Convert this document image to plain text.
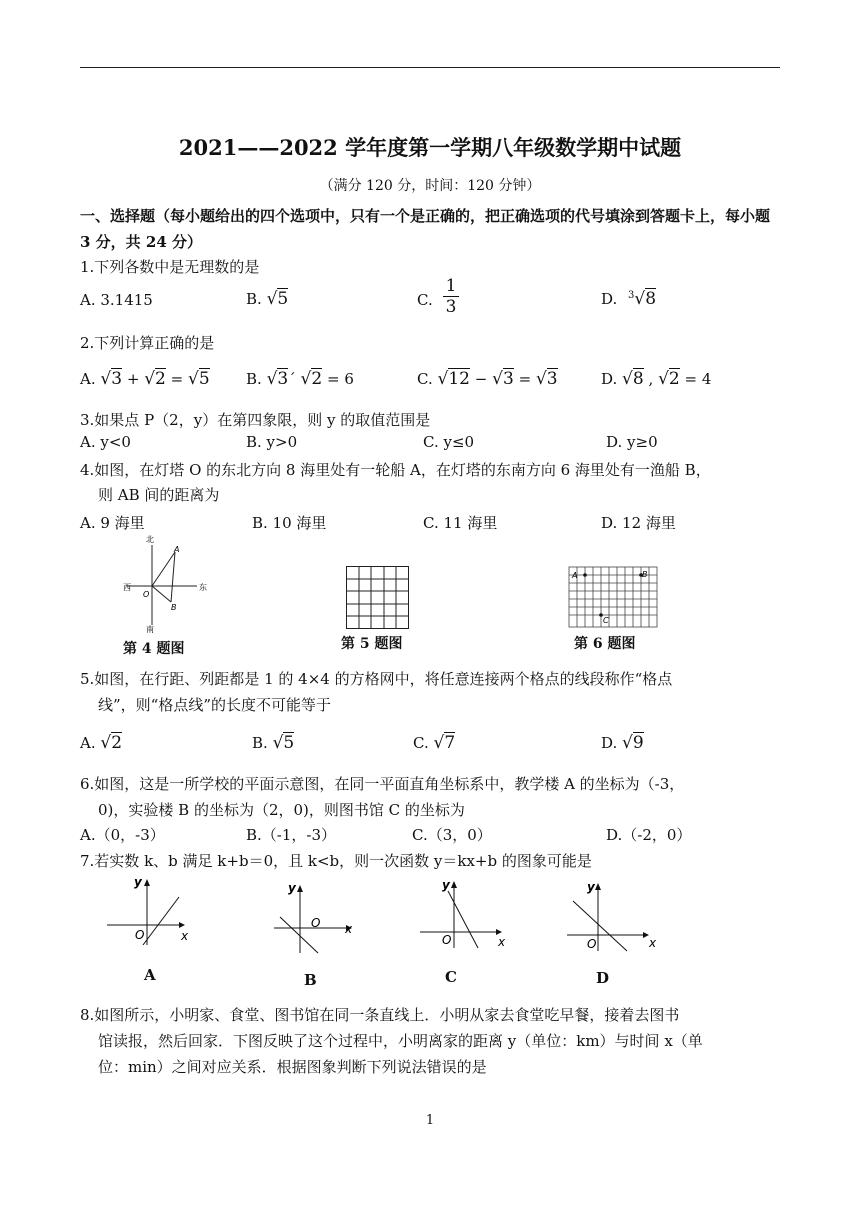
2021——2022 学年度第一学期八年级数学期中试题
（满分 120 分，时间：120 分钟）
一、选择题（每小题给出的四个选项中，只有一个是正确的，把正确选项的代号填涂到答题卡上，每小题 3 分，共 24 分）
1.下列各数中是无理数的是
A. 3.1415	B. √5	C.
1
3	D. $^3$√8
2.下列计算正确的是
A. √3 + √2 = √5 B. √3´ √2 = 6	C. √12 − √3 = √3	D. √8 , √2 = 4
3.如果点 P（2，y）在第四象限，则 y 的取值范围是
A. y<0	B. y>0	C. y≤0	D. y≥0
4.如图，在灯塔 O 的东北方向 8 海里处有一轮船 A，在灯塔的东南方向 6 海里处有一渔船 B，
则 AB 间的距离为
A. 9 海里	B. 10 海里	C. 11 海里	D. 12 海里
北
西	东
南
O
A
B
第 4 题图	第 5 题图
A	B
C
第 6 题图
5.如图，在行距、列距都是 1 的 4×4 的方格网中，将任意连接两个格点的线段称作“格点
线”，则“格点线”的长度不可能等于
A. √2	B. √5	C. √7	D. √9
6.如图，这是一所学校的平面示意图，在同一平面直角坐标系中，教学楼 A 的坐标为（-3，
0)，实验楼 B 的坐标为（2，0)，则图书馆 C 的坐标为
A.（0，-3）	B.（-1，-3）	C.（3，0）	D.（-2，0）
7.若实数 k、b 满足 k+b＝0，且 k<b，则一次函数 y＝kx+b 的图象可能是
y
x
O
A
y
x
O
B
y
x
O
C
y
x
O
D
8.如图所示，小明家、食堂、图书馆在同一条直线上．小明从家去食堂吃早餐，接着去图书
馆读报，然后回家．下图反映了这个过程中，小明离家的距离 y（单位：km）与时间 x（单
位：min）之间对应关系．根据图象判断下列说法错误的是
1
